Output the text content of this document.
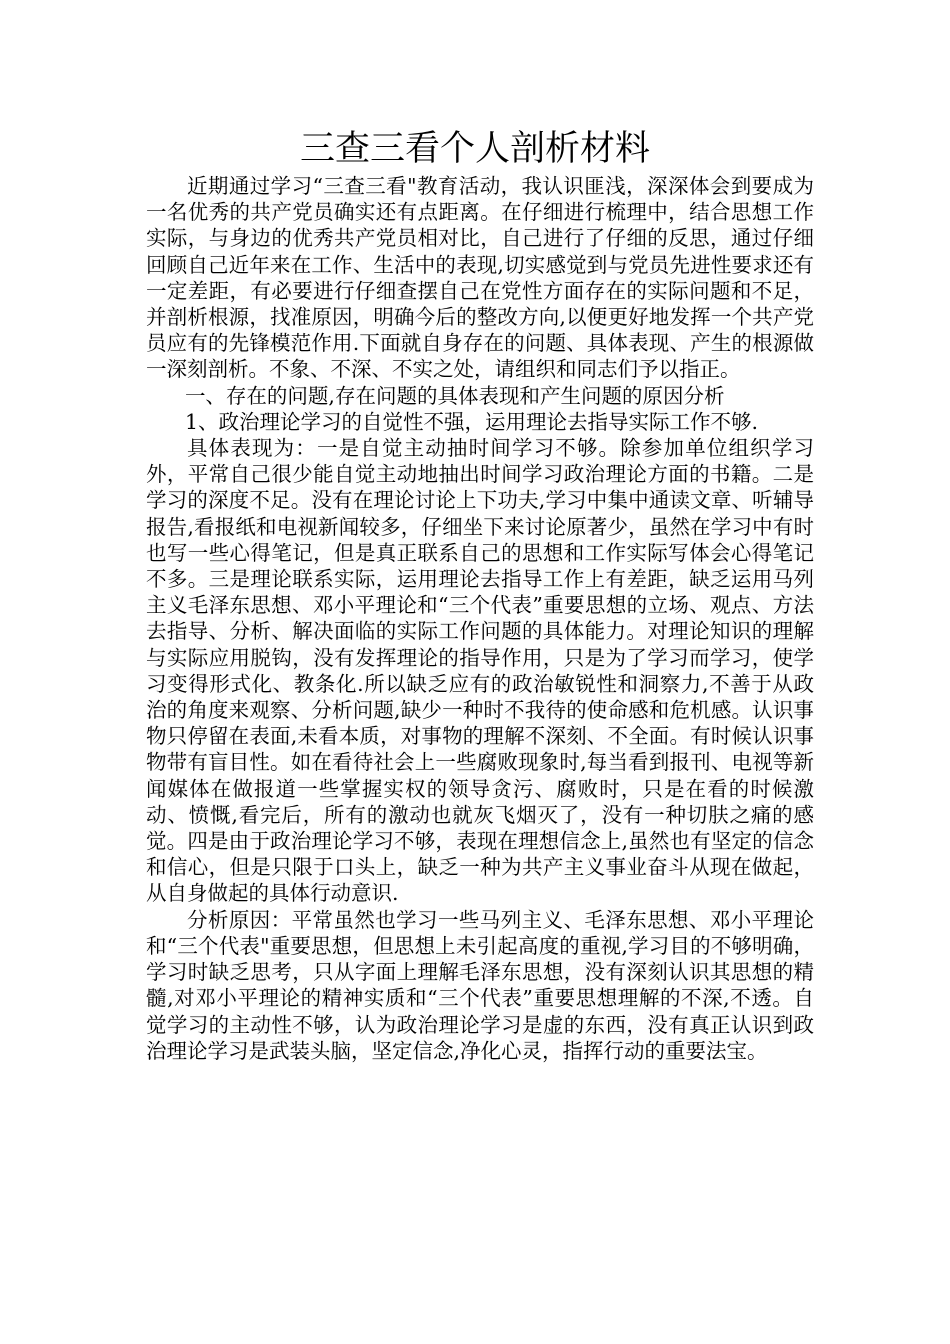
三查三看个人剖析材料

近期通过学习“三查三看"教育活动，我认识匪浅，深深体会到要成为一名优秀的共产党员确实还有点距离。在仔细进行梳理中，结合思想工作实际，与身边的优秀共产党员相对比，自己进行了仔细的反思，通过仔细回顾自己近年来在工作、生活中的表现,切实感觉到与党员先进性要求还有一定差距，有必要进行仔细查摆自己在党性方面存在的实际问题和不足，并剖析根源，找准原因，明确今后的整改方向,以便更好地发挥一个共产党员应有的先锋模范作用.下面就自身存在的问题、具体表现、产生的根源做一深刻剖析。不象、不深、不实之处，请组织和同志们予以指正。

一、存在的问题,存在问题的具体表现和产生问题的原因分析

1、政治理论学习的自觉性不强，运用理论去指导实际工作不够.

具体表现为：一是自觉主动抽时间学习不够。除参加单位组织学习外，平常自己很少能自觉主动地抽出时间学习政治理论方面的书籍。二是学习的深度不足。没有在理论讨论上下功夫,学习中集中通读文章、听辅导报告,看报纸和电视新闻较多，仔细坐下来讨论原著少，虽然在学习中有时也写一些心得笔记，但是真正联系自己的思想和工作实际写体会心得笔记不多。三是理论联系实际，运用理论去指导工作上有差距，缺乏运用马列主义毛泽东思想、邓小平理论和“三个代表”重要思想的立场、观点、方法去指导、分析、解决面临的实际工作问题的具体能力。对理论知识的理解与实际应用脱钩，没有发挥理论的指导作用，只是为了学习而学习，使学习变得形式化、教条化.所以缺乏应有的政治敏锐性和洞察力,不善于从政治的角度来观察、分析问题,缺少一种时不我待的使命感和危机感。认识事物只停留在表面,未看本质，对事物的理解不深刻、不全面。有时候认识事物带有盲目性。如在看待社会上一些腐败现象时,每当看到报刊、电视等新闻媒体在做报道一些掌握实权的领导贪污、腐败时，只是在看的时候激动、愤慨,看完后，所有的激动也就灰飞烟灭了，没有一种切肤之痛的感觉。四是由于政治理论学习不够，表现在理想信念上,虽然也有坚定的信念和信心，但是只限于口头上，缺乏一种为共产主义事业奋斗从现在做起，从自身做起的具体行动意识.

分析原因：平常虽然也学习一些马列主义、毛泽东思想、邓小平理论和“三个代表"重要思想，但思想上未引起高度的重视,学习目的不够明确，学习时缺乏思考，只从字面上理解毛泽东思想，没有深刻认识其思想的精髓,对邓小平理论的精神实质和“三个代表”重要思想理解的不深,不透。自觉学习的主动性不够，认为政治理论学习是虚的东西，没有真正认识到政治理论学习是武装头脑，坚定信念,净化心灵，指挥行动的重要法宝。
